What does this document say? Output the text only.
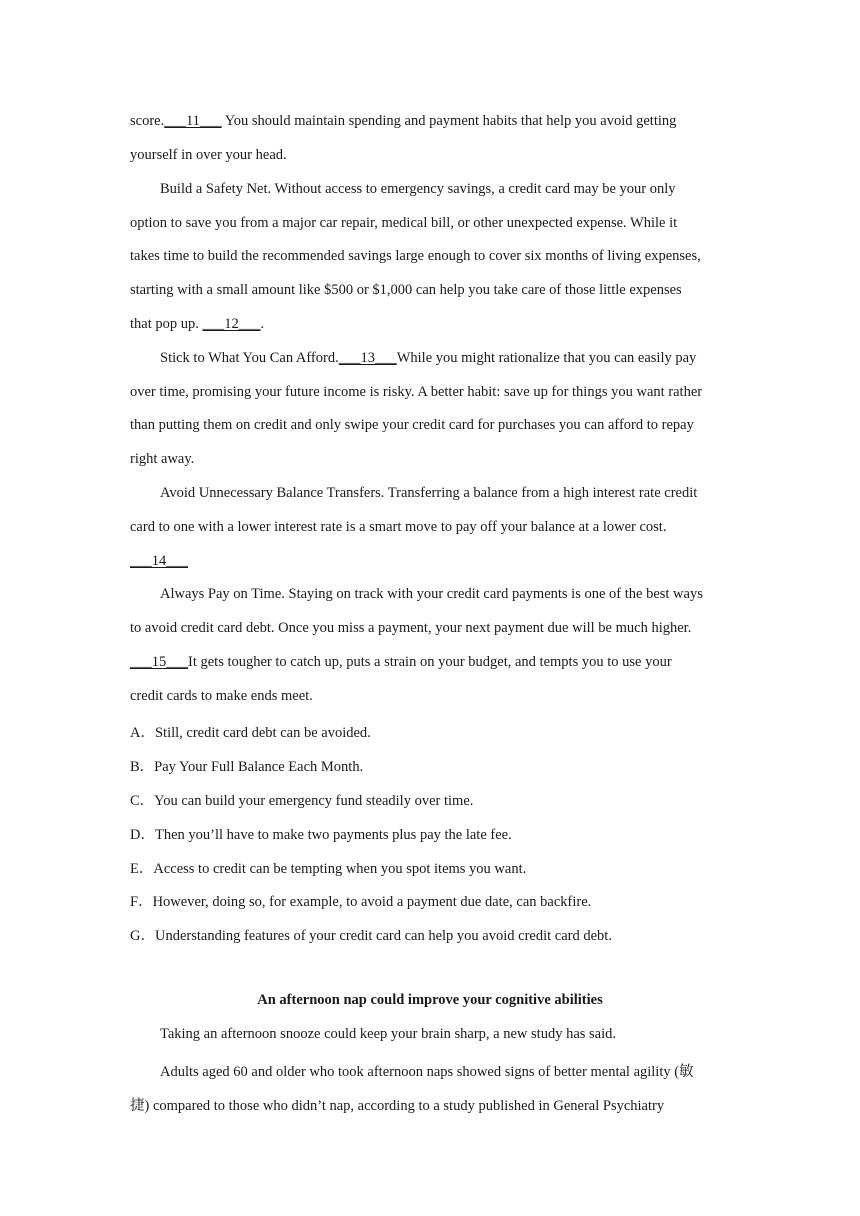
score.___11___ You should maintain spending and payment habits that help you avoid getting
yourself in over your head.
Build a Safety Net. Without access to emergency savings, a credit card may be your only
option to save you from a major car repair, medical bill, or other unexpected expense. While it
takes time to build the recommended savings large enough to cover six months of living expenses,
starting with a small amount like $500 or $1,000 can help you take care of those little expenses
that pop up. ___12___.
Stick to What You Can Afford.___13___While you might rationalize that you can easily pay
over time, promising your future income is risky. A better habit: save up for things you want rather
than putting them on credit and only swipe your credit card for purchases you can afford to repay
right away.
Avoid Unnecessary Balance Transfers. Transferring a balance from a high interest rate credit
card to one with a lower interest rate is a smart move to pay off your balance at a lower cost.
___14___
Always Pay on Time. Staying on track with your credit card payments is one of the best ways
to avoid credit card debt. Once you miss a payment, your next payment due will be much higher.
___15___It gets tougher to catch up, puts a strain on your budget, and tempts you to use your
credit cards to make ends meet.
A．Still, credit card debt can be avoided.
B．Pay Your Full Balance Each Month.
C．You can build your emergency fund steadily over time.
D．Then you’ll have to make two payments plus pay the late fee.
E．Access to credit can be tempting when you spot items you want.
F．However, doing so, for example, to avoid a payment due date, can backfire.
G．Understanding features of your credit card can help you avoid credit card debt.
An afternoon nap could improve your cognitive abilities
Taking an afternoon snooze could keep your brain sharp, a new study has said.
Adults aged 60 and older who took afternoon naps showed signs of better mental agility (敏
捷) compared to those who didn’t nap, according to a study published in General Psychiatry
